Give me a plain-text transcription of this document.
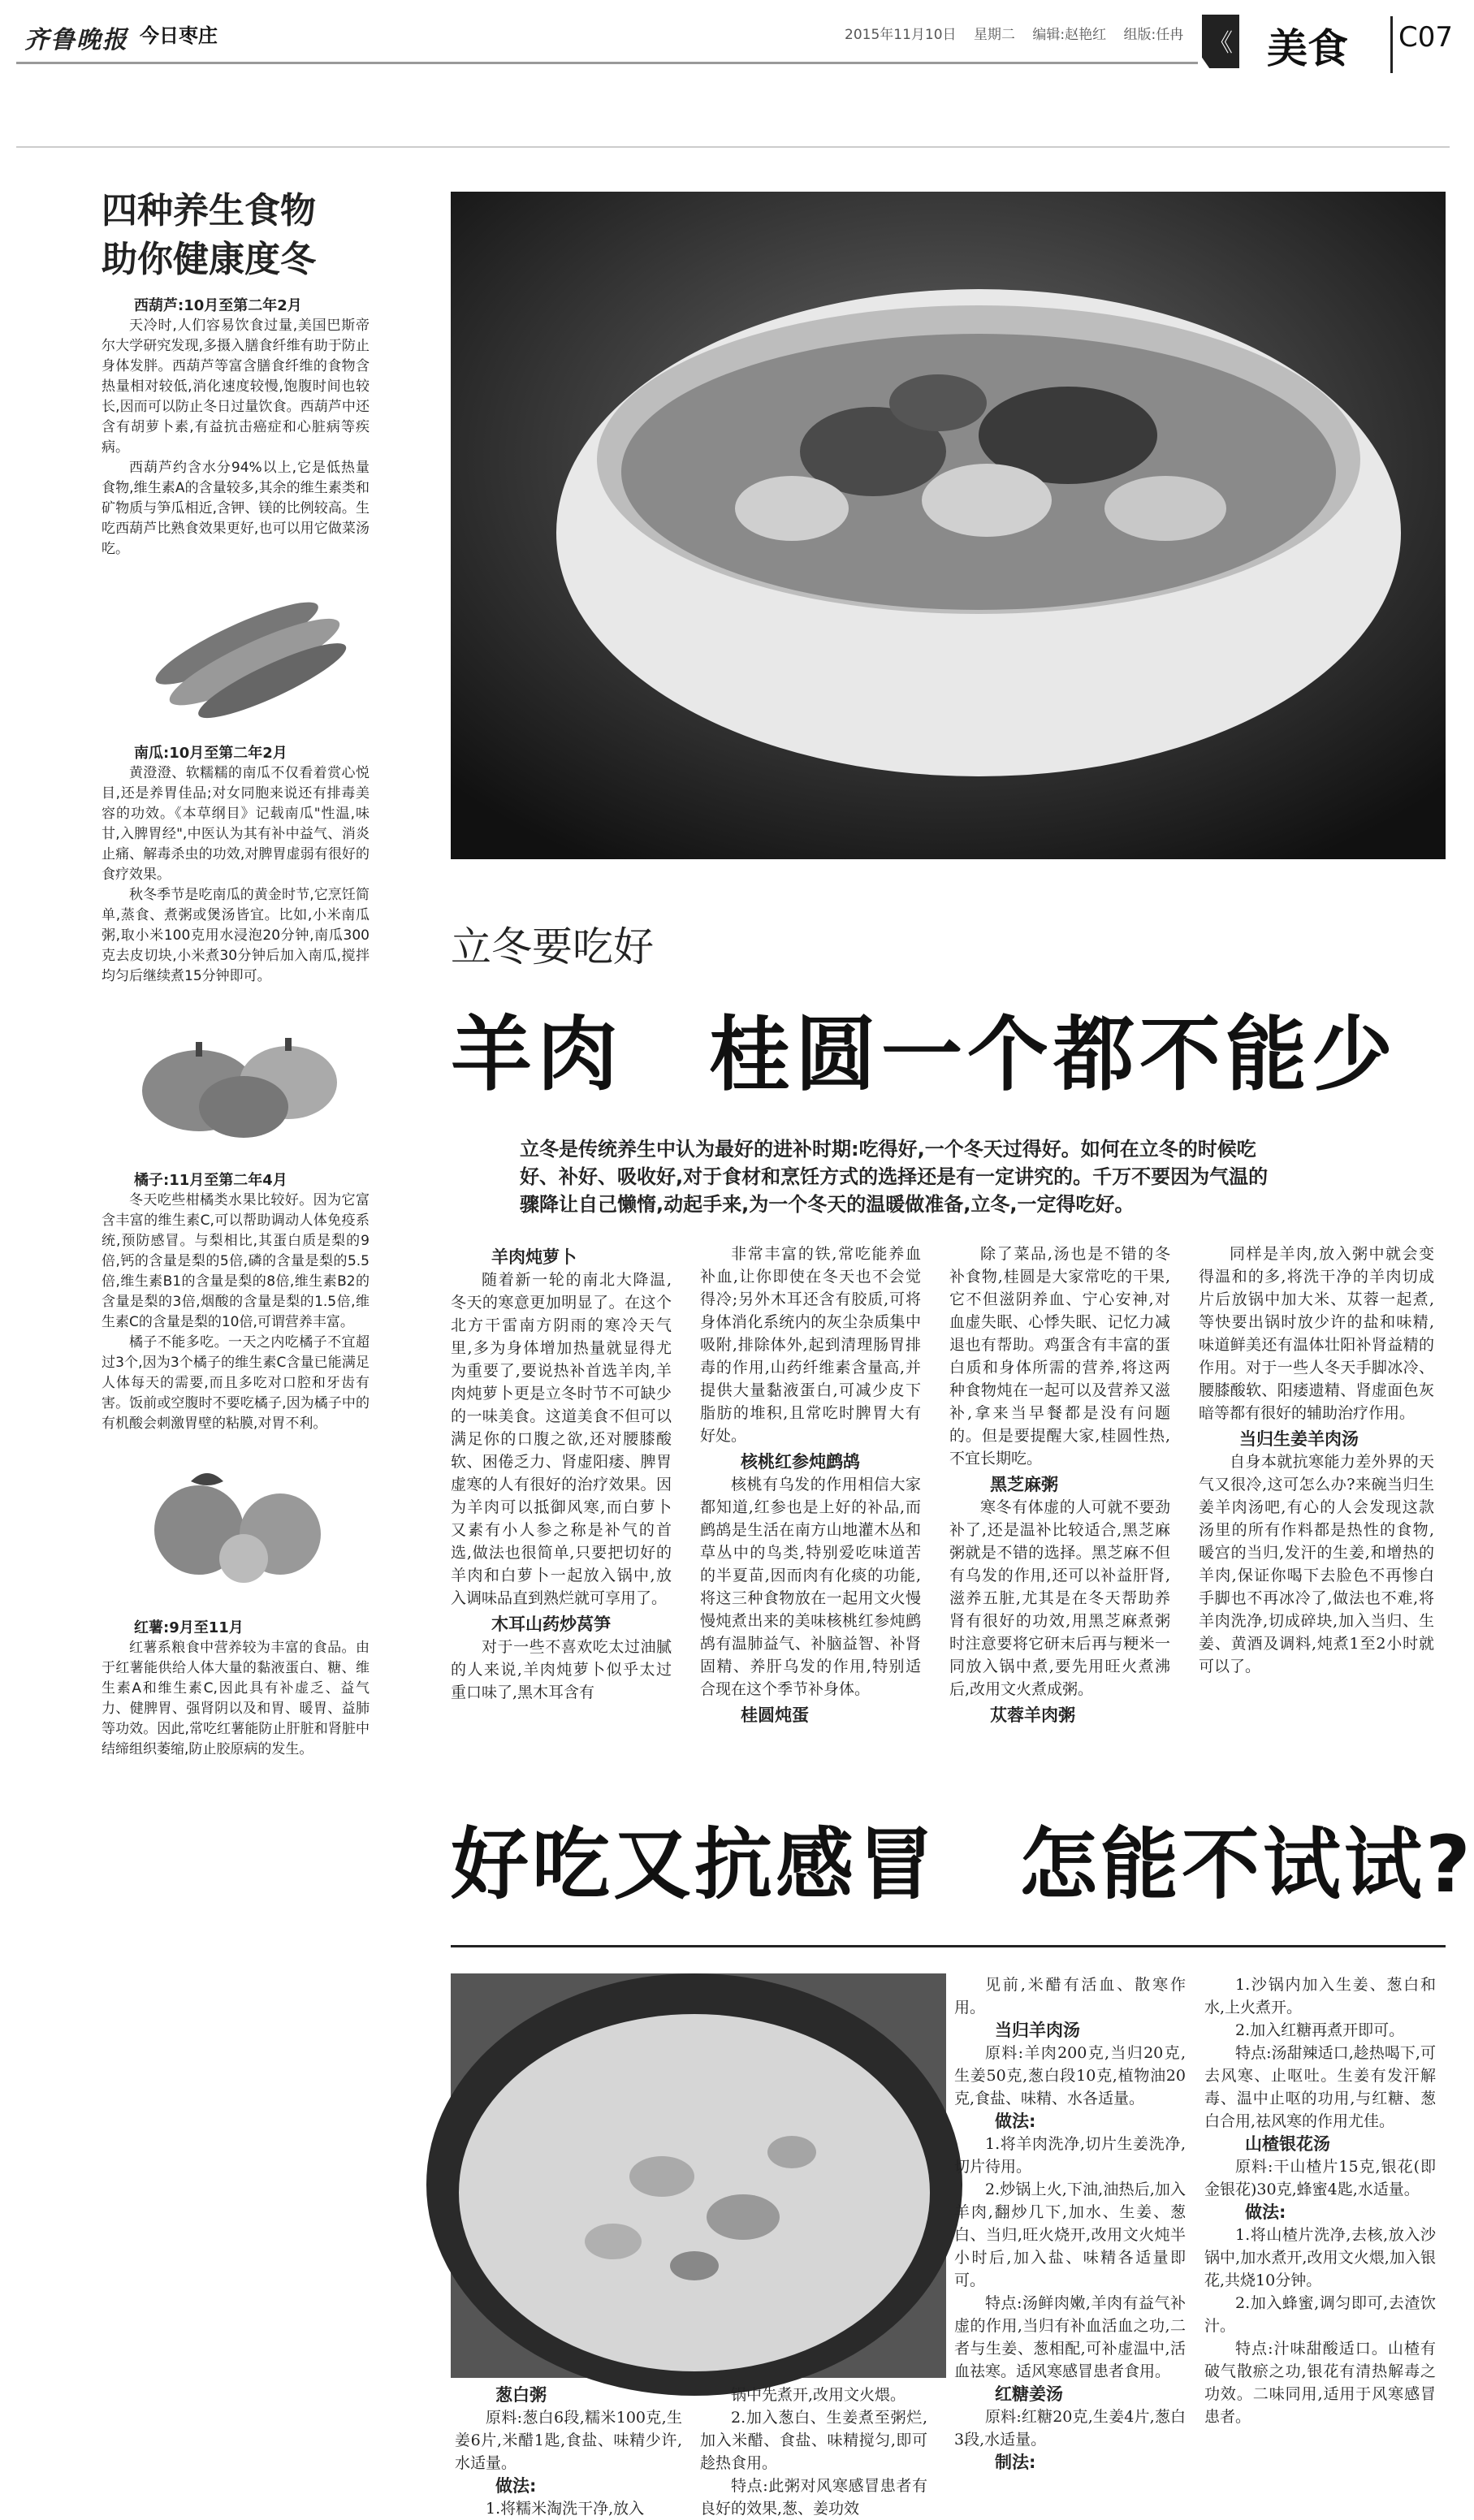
齐鲁晚报 今日枣庄	2015年11月10日 星期二 编辑:赵艳红 组版:任冉
《	美食 C07
四种养生食物
助你健康度冬
西葫芦:10月至第二年2月

天冷时,人们容易饮食过量,美国巴斯帝尔大学研究发现,多摄入膳食纤维有助于防止身体发胖。西葫芦等富含膳食纤维的食物含热量相对较低,消化速度较慢,饱腹时间也较长,因而可以防止冬日过量饮食。西葫芦中还含有胡萝卜素,有益抗击癌症和心脏病等疾病。

西葫芦约含水分94%以上,它是低热量食物,维生素A的含量较多,其余的维生素类和矿物质与笋瓜相近,含钾、镁的比例较高。生吃西葫芦比熟食效果更好,也可以用它做菜汤吃。

南瓜:10月至第二年2月

黄澄澄、软糯糯的南瓜不仅看着赏心悦目,还是养胃佳品;对女同胞来说还有排毒美容的功效。《本草纲目》记载南瓜"性温,味甘,入脾胃经",中医认为其有补中益气、消炎止痛、解毒杀虫的功效,对脾胃虚弱有很好的食疗效果。

秋冬季节是吃南瓜的黄金时节,它烹饪简单,蒸食、煮粥或煲汤皆宜。比如,小米南瓜粥,取小米100克用水浸泡20分钟,南瓜300克去皮切块,小米煮30分钟后加入南瓜,搅拌均匀后继续煮15分钟即可。

橘子:11月至第二年4月

冬天吃些柑橘类水果比较好。因为它富含丰富的维生素C,可以帮助调动人体免疫系统,预防感冒。与梨相比,其蛋白质是梨的9倍,钙的含量是梨的5倍,磷的含量是梨的5.5倍,维生素B1的含量是梨的8倍,维生素B2的含量是梨的3倍,烟酸的含量是梨的1.5倍,维生素C的含量是梨的10倍,可谓营养丰富。

橘子不能多吃。一天之内吃橘子不宜超过3个,因为3个橘子的维生素C含量已能满足人体每天的需要,而且多吃对口腔和牙齿有害。饭前或空腹时不要吃橘子,因为橘子中的有机酸会刺激胃壁的粘膜,对胃不利。

红薯:9月至11月

红薯系粮食中营养较为丰富的食品。由于红薯能供给人体大量的黏液蛋白、糖、维生素A和维生素C,因此具有补虚乏、益气力、健脾胃、强肾阴以及和胃、暖胃、益肺等功效。因此,常吃红薯能防止肝脏和肾脏中结缔组织萎缩,防止胶原病的发生。

立冬要吃好
羊肉　桂圆一个都不能少
立冬是传统养生中认为最好的进补时期:吃得好,一个冬天过得好。如何在立冬的时候吃好、补好、吸收好,对于食材和烹饪方式的选择还是有一定讲究的。千万不要因为气温的骤降让自己懒惰,动起手来,为一个冬天的温暖做准备,立冬,一定得吃好。
羊肉炖萝卜

随着新一轮的南北大降温,冬天的寒意更加明显了。在这个北方干雷南方阴雨的寒冷天气里,多为身体增加热量就显得尤为重要了,要说热补首选羊肉,羊肉炖萝卜更是立冬时节不可缺少的一味美食。这道美食不但可以满足你的口腹之欲,还对腰膝酸软、困倦乏力、肾虚阳痿、脾胃虚寒的人有很好的治疗效果。因为羊肉可以抵御风寒,而白萝卜又素有小人参之称是补气的首选,做法也很简单,只要把切好的羊肉和白萝卜一起放入锅中,放入调味品直到熟烂就可享用了。

木耳山药炒莴笋

对于一些不喜欢吃太过油腻的人来说,羊肉炖萝卜似乎太过重口味了,黑木耳含有

非常丰富的铁,常吃能养血补血,让你即使在冬天也不会觉得冷;另外木耳还含有胶质,可将身体消化系统内的灰尘杂质集中吸附,排除体外,起到清理肠胃排毒的作用,山药纤维素含量高,并提供大量黏液蛋白,可减少皮下脂肪的堆积,且常吃时脾胃大有好处。

核桃红参炖鹧鸪

核桃有乌发的作用相信大家都知道,红参也是上好的补品,而鹧鸪是生活在南方山地灌木丛和草丛中的鸟类,特别爱吃味道苦的半夏苗,因而肉有化痰的功能,将这三种食物放在一起用文火慢慢炖煮出来的美味核桃红参炖鹧鸪有温肺益气、补脑益智、补肾固精、养肝乌发的作用,特别适合现在这个季节补身体。

桂圆炖蛋

除了菜品,汤也是不错的冬补食物,桂圆是大家常吃的干果,它不但滋阴养血、宁心安神,对血虚失眠、心悸失眠、记忆力减退也有帮助。鸡蛋含有丰富的蛋白质和身体所需的营养,将这两种食物炖在一起可以及营养又滋补,拿来当早餐都是没有问题的。但是要提醒大家,桂圆性热,不宜长期吃。

黑芝麻粥

寒冬有体虚的人可就不要劲补了,还是温补比较适合,黑芝麻粥就是不错的选择。黑芝麻不但有乌发的作用,还可以补益肝肾,滋养五脏,尤其是在冬天帮助养肾有很好的功效,用黑芝麻煮粥时注意要将它研末后再与粳米一同放入锅中煮,要先用旺火煮沸后,改用文火煮成粥。

苁蓉羊肉粥

同样是羊肉,放入粥中就会变得温和的多,将洗干净的羊肉切成片后放锅中加大米、苁蓉一起煮,等快要出锅时放少许的盐和味精,味道鲜美还有温体壮阳补肾益精的作用。对于一些人冬天手脚冰冷、腰膝酸软、阳痿遗精、肾虚面色灰暗等都有很好的辅助治疗作用。

当归生姜羊肉汤

自身本就抗寒能力差外界的天气又很冷,这可怎么办?来碗当归生姜羊肉汤吧,有心的人会发现这款汤里的所有作料都是热性的食物,暖宫的当归,发汗的生姜,和增热的羊肉,保证你喝下去脸色不再惨白手脚也不再冰冷了,做法也不难,将羊肉洗净,切成碎块,加入当归、生姜、黄酒及调料,炖煮1至2小时就可以了。

好吃又抗感冒　怎能不试试?
葱白粥

原料:葱白6段,糯米100克,生姜6片,米醋1匙,食盐、味精少许,水适量。

做法:

1.将糯米淘洗干净,放入

锅中先煮开,改用文火煨。

2.加入葱白、生姜煮至粥烂,加入米醋、食盐、味精搅匀,即可趁热食用。

特点:此粥对风寒感冒患者有良好的效果,葱、姜功效

见前,米醋有活血、散寒作用。

当归羊肉汤

原料:羊肉200克,当归20克,生姜50克,葱白段10克,植物油20克,食盐、味精、水各适量。

做法:

1.将羊肉洗净,切片生姜洗净,切片待用。

2.炒锅上火,下油,油热后,加入羊肉,翻炒几下,加水、生姜、葱白、当归,旺火烧开,改用文火炖半小时后,加入盐、味精各适量即可。

特点:汤鲜肉嫩,羊肉有益气补虚的作用,当归有补血活血之功,二者与生姜、葱相配,可补虚温中,活血祛寒。适风寒感冒患者食用。

红糖姜汤

原料:红糖20克,生姜4片,葱白3段,水适量。

制法:

1.沙锅内加入生姜、葱白和水,上火煮开。

2.加入红糖再煮开即可。

特点:汤甜辣适口,趁热喝下,可去风寒、止呕吐。生姜有发汗解毒、温中止呕的功用,与红糖、葱白合用,祛风寒的作用尤佳。

山楂银花汤

原料:干山楂片15克,银花(即金银花)30克,蜂蜜4匙,水适量。

做法:

1.将山楂片洗净,去核,放入沙锅中,加水煮开,改用文火煨,加入银花,共烧10分钟。

2.加入蜂蜜,调匀即可,去渣饮汁。

特点:汁味甜酸适口。山楂有破气散瘀之功,银花有清热解毒之功效。二味同用,适用于风寒感冒患者。
